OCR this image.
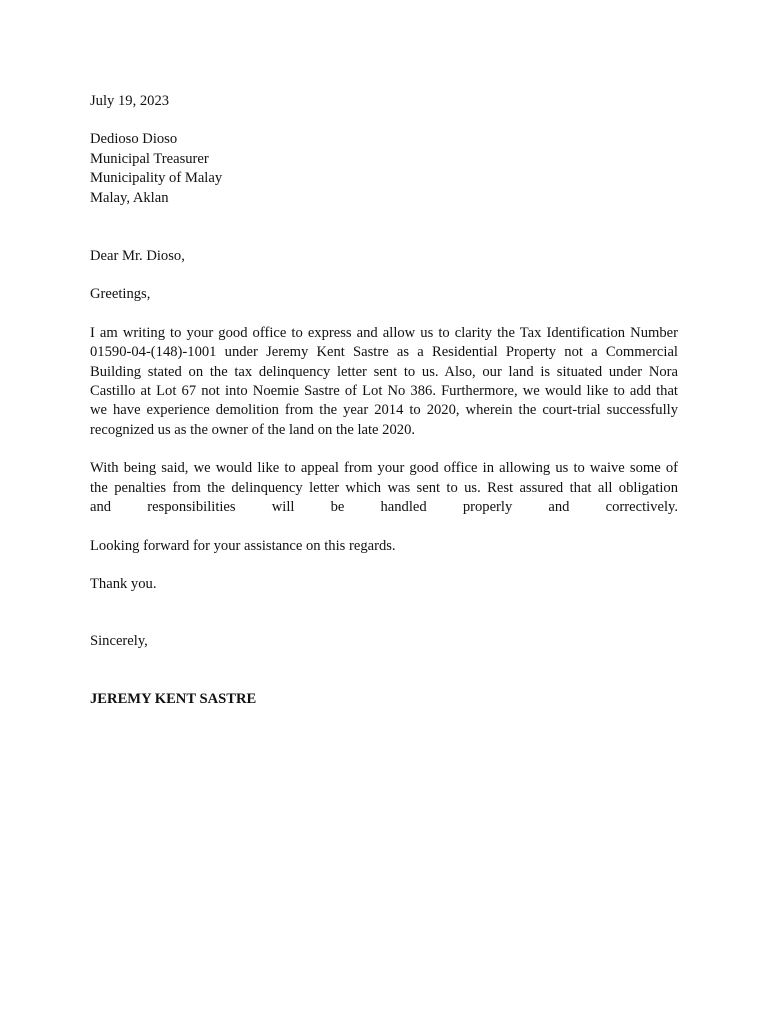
July 19, 2023
Dedioso Dioso
Municipal Treasurer
Municipality of Malay
Malay, Aklan
Dear Mr. Dioso,
Greetings,
I am writing to your good office to express and allow us to clarity the Tax Identification Number
01590-04-(148)-1001 under Jeremy Kent Sastre as a Residential Property not a Commercial
Building stated on the tax delinquency letter sent to us. Also, our land is situated under Nora
Castillo at Lot 67 not into Noemie Sastre of Lot No 386. Furthermore, we would like to add that
we have experience demolition from the year 2014 to 2020, wherein the court-trial successfully
recognized us as the owner of the land on the late 2020.
With being said, we would like to appeal from your good office in allowing us to waive some of
the penalties from the delinquency letter which was sent to us. Rest assured that all obligation
and responsibilities will be handled properly and correctively.
Looking forward for your assistance on this regards.
Thank you.
Sincerely,
JEREMY KENT SASTRE
